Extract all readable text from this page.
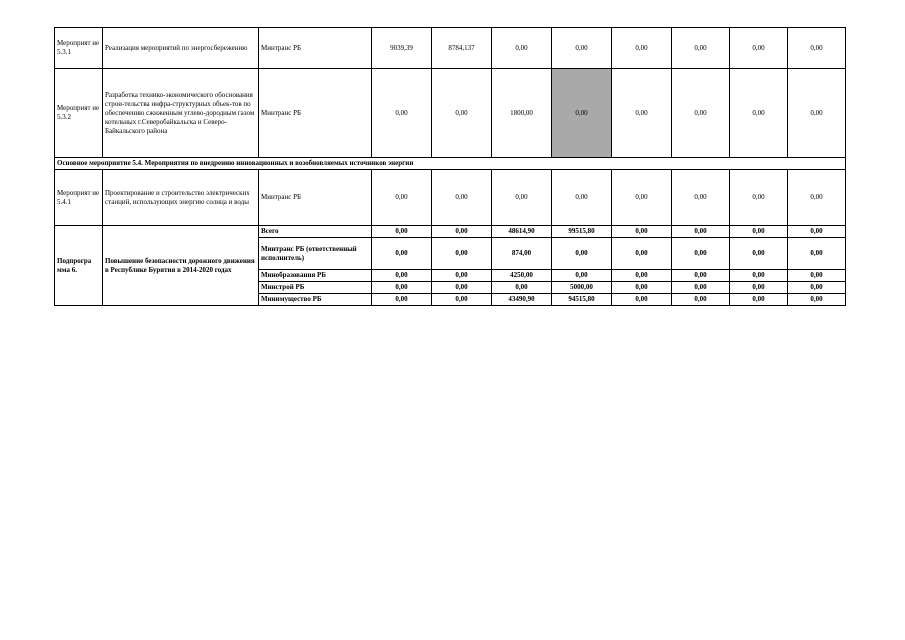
Мероприят ие 5.3.1	Реализация мероприятий по энергосбережению	Минтранс РБ	9039,39	8784,137	0,00	0,00	0,00	0,00	0,00	0,00
Мероприят ие 5.3.2	Разработка технико-экономического обоснования строи-тельства инфра-структурных объек-тов по обеспечению сжиженным углево-дородным газом котельных г.Северобайкальска и Северо-Байкальского района	Минтранс РБ	0,00	0,00	1800,00	0,00	0,00	0,00	0,00	0,00
Основное мероприятие 5.4. Мероприятия по внедрению инновационных и возобновляемых источников энергии										
Мероприят ие 5.4.1	Проектирование и строительство электрических станций, использующих энергию солнца и воды	Минтранс РБ	0,00	0,00	0,00	0,00	0,00	0,00	0,00	0,00
Подпрогра мма 6.	Повышение безопасности дорожного движения в Республике Бурятия в 2014-2020 годах	Всего	0,00	0,00	48614,90	99515,80	0,00	0,00	0,00	0,00
		Минтранс РБ (ответственный исполнитель)	0,00	0,00	874,00	0,00	0,00	0,00	0,00	0,00
		Минобразования РБ	0,00	0,00	4250,00	0,00	0,00	0,00	0,00	0,00
		Минстрой РБ	0,00	0,00	0,00	5000,00	0,00	0,00	0,00	0,00
		Минимущество РБ	0,00	0,00	43490,90	94515,80	0,00	0,00	0,00	0,00
